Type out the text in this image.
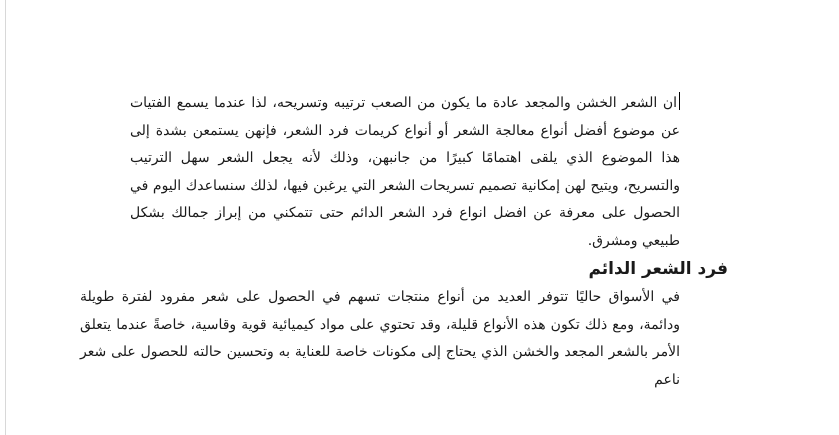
ان الشعر الخشن والمجعد عادة ما يكون من الصعب ترتيبه وتسريحه، لذا عندما يسمع الفتيات عن موضوع أفضل أنواع معالجة الشعر أو أنواع كريمات فرد الشعر، فإنهن يستمعن بشدة إلى هذا الموضوع الذي يلقى اهتمامًا كبيرًا من جانبهن، وذلك لأنه يجعل الشعر سهل الترتيب والتسريح، ويتيح لهن إمكانية تصميم تسريحات الشعر التي يرغبن فيها، لذلك سنساعدك اليوم في الحصول على معرفة عن افضل انواع فرد الشعر الدائم حتى تتمكني من إبراز جمالك بشكل طبيعي ومشرق.

فرد الشعر الدائم

في الأسواق حاليًا تتوفر العديد من أنواع منتجات تسهم في الحصول على شعر مفرود لفترة طويلة ودائمة، ومع ذلك تكون هذه الأنواع قليلة، وقد تحتوي على مواد كيميائية قوية وقاسية، خاصةً عندما يتعلق الأمر بالشعر المجعد والخشن الذي يحتاج إلى مكونات خاصة للعناية به وتحسين حالته للحصول على شعر ناعم
